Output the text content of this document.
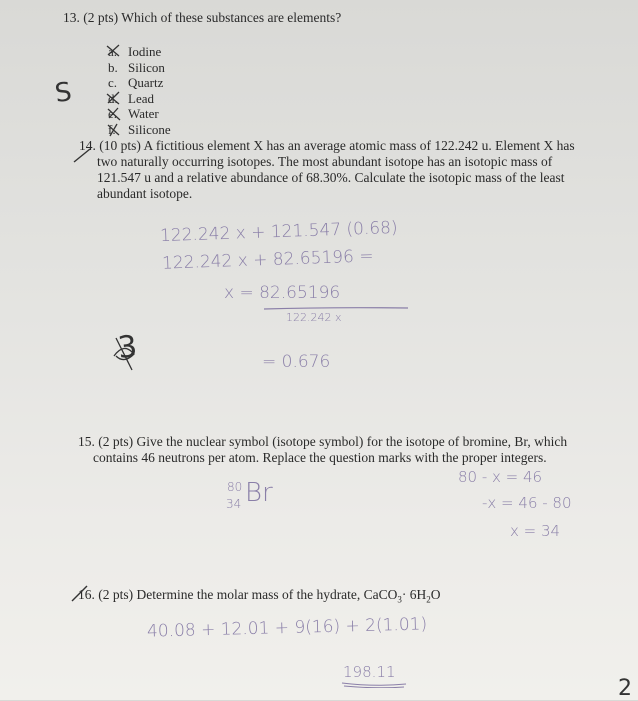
13. (2 pts) Which of these substances are elements?
a. Iodine
b. Silicon
c. Quartz
d. Lead
e. Water
f. Silicone
S
14. (10 pts) A fictitious element X has an average atomic mass of 122.242 u. Element X has
two naturally occurring isotopes. The most abundant isotope has an isotopic mass of
121.547 u and a relative abundance of 68.30%. Calculate the isotopic mass of the least
abundant isotope.
122.242 x + 121.547 (0.68)
122.242 x + 82.65196 =
x = 82.65196
122.242 x
= 0.676
3
15. (2 pts) Give the nuclear symbol (isotope symbol) for the isotope of bromine, Br, which
contains 46 neutrons per atom. Replace the question marks with the proper integers.
80
34 Br
80 - x = 46
-x = 46 - 80
x = 34
16. (2 pts) Determine the molar mass of the hydrate, CaCO$_3$· $6H_2O$
40.08 + 12.01 + 9(16) + 2(1.01)
198.11
2
